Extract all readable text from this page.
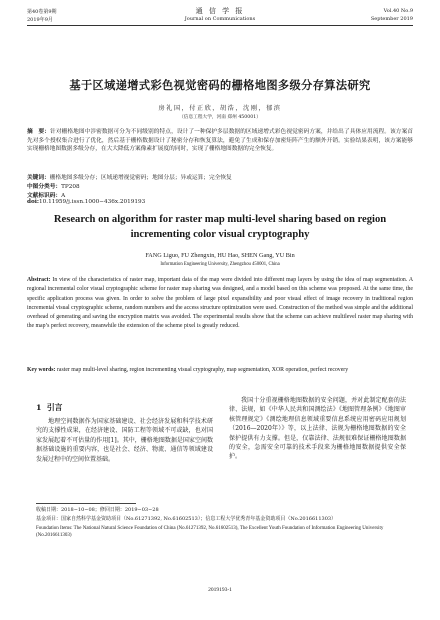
第40卷第9期
2019年9月
通 信 学 报
Journal on Communications
Vol.40 No.9
September 2019
基于区域递增式彩色视觉密码的栅格地图多级分存算法研究
房礼国，付正欣，胡浩，沈刚，郁滨
（信息工程大学，河南 郑州 450001）
摘　要：针对栅格地图中涉密数据可分为不同级别的特点，设计了一种保护多层数据的区域递增式彩色视觉密码方案，并给出了具体应用流程。该方案首先对多个授权集合进行了优化，然后基于栅格数据设计了秘密分存和恢复算法，避免了生成和保存加密矩阵产生的额外开销。实验结果表明，该方案能够实现栅格地图数据多级分存，在大大降低方案像素扩展度的同时，实现了栅格地图数据的完全恢复。
关键词：栅格地图多级分存；区域递增视觉密码；地图分层；异或运算；完全恢复
中图分类号：TP208
文献标识码：A
doi:10.11959/j.issn.1000−436x.2019193
Research on algorithm for raster map multi-level sharing based on region incrementing color visual cryptography
FANG Liguo, FU Zhengxin, HU Hao, SHEN Gang, YU Bin
Information Engineering University, Zhengzhou 450001, China
Abstract: In view of the characteristics of raster map, important data of the map were divided into different map layers by using the idea of map segmentation. A regional incremental color visual cryptographic scheme for raster map sharing was designed, and a model based on this scheme was proposed. At the same time, the specific application process was given. In order to solve the problem of large pixel expansibility and poor visual effect of image recovery in traditional region incremental visual cryptographic scheme, random numbers and the access structure optimization were used. Construction of the method was simple and the additional overhead of generating and saving the encryption matrix was avoided. The experimental results show that the scheme can achieve multilevel raster map sharing with the map’s perfect recovery, meanwhile the extension of the scheme pixel is greatly reduced.
Key words: raster map multi-level sharing, region incrementing visual cryptography, map segmentation, XOR operation, perfect recovery
1 引言
地理空间数据作为国家基础建设、社会经济发展和科学技术研究的支撑性成果，在经济建设、国防工程等领域不可或缺，也对国家发展起着不可估量的作用[1]。其中，栅格地图数据是国家空间数据基础设施的重要内容，也是社会、经济、物流、通信等领域建设发展过程中的空间位置基础。
我国十分重视栅格地图数据的安全问题，并对此制定配套的法律、法规，如《中华人民共和国测绘法》《地图管理条例》《地图审核管理规定》《测绘地理信息领域重要信息系统应用密码应用规划（2016—2020年）》等，以上法律、法规为栅格地图数据的安全保护提供有力支撑。但是，仅靠法律、法规很难保证栅格地图数据的安全，急需安全可靠的技术手段来为栅格地图数据提供安全保护。
收稿日期：2018−10−08；修回日期：2019−03−28
基金项目：国家自然科学基金资助项目（No.61271392, No.61602513）；信息工程大学优秀青年基金资助项目（No.2016611303）
Foundation Items: The National Natural Science Foundation of China (No.61271392, No.61602513), The Excellent Youth Foundation of Information Engineering University (No.2016611303)
2019193-1
